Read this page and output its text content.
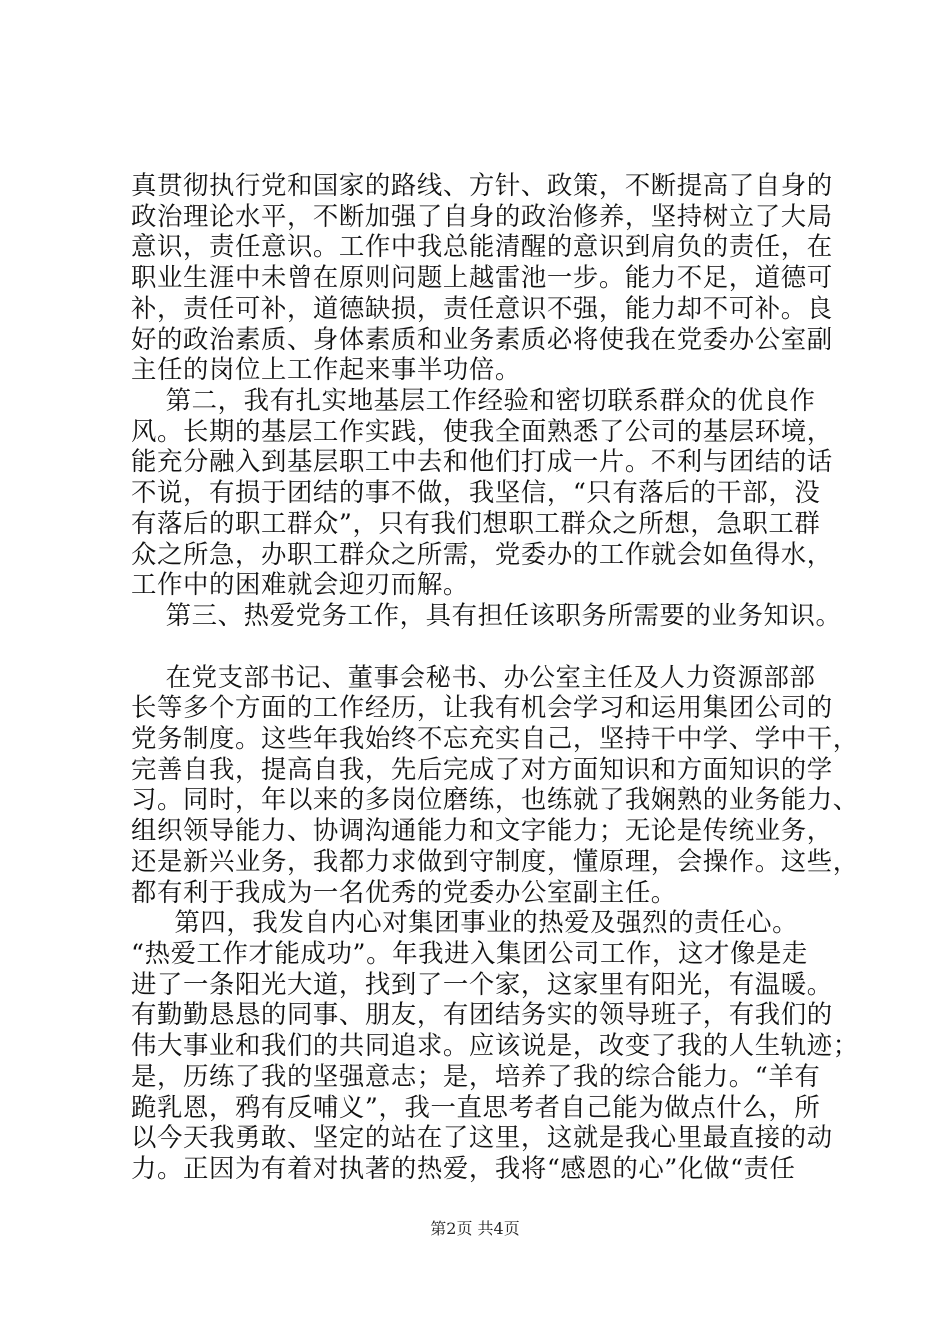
真贯彻执行党和国家的路线、方针、政策，不断提高了自身的
政治理论水平，不断加强了自身的政治修养，坚持树立了大局
意识，责任意识。工作中我总能清醒的意识到肩负的责任，在
职业生涯中未曾在原则问题上越雷池一步。能力不足，道德可
补，责任可补，道德缺损，责任意识不强，能力却不可补。良
好的政治素质、身体素质和业务素质必将使我在党委办公室副
主任的岗位上工作起来事半功倍。
第二，我有扎实地基层工作经验和密切联系群众的优良作
风。长期的基层工作实践，使我全面熟悉了公司的基层环境，
能充分融入到基层职工中去和他们打成一片。不利与团结的话
不说，有损于团结的事不做，我坚信，“只有落后的干部，没
有落后的职工群众”，只有我们想职工群众之所想，急职工群
众之所急，办职工群众之所需，党委办的工作就会如鱼得水，
工作中的困难就会迎刃而解。
第三、热爱党务工作，具有担任该职务所需要的业务知识。
在党支部书记、董事会秘书、办公室主任及人力资源部部
长等多个方面的工作经历，让我有机会学习和运用集团公司的
党务制度。这些年我始终不忘充实自己，坚持干中学、学中干，
完善自我，提高自我，先后完成了对方面知识和方面知识的学
习。同时，年以来的多岗位磨练，也练就了我娴熟的业务能力、
组织领导能力、协调沟通能力和文字能力；无论是传统业务，
还是新兴业务，我都力求做到守制度，懂原理，会操作。这些，
都有利于我成为一名优秀的党委办公室副主任。
第四，我发自内心对集团事业的热爱及强烈的责任心。
“热爱工作才能成功”。年我进入集团公司工作，这才像是走
进了一条阳光大道，找到了一个家，这家里有阳光，有温暖。
有勤勤恳恳的同事、朋友，有团结务实的领导班子，有我们的
伟大事业和我们的共同追求。应该说是，改变了我的人生轨迹；
是，历练了我的坚强意志；是，培养了我的综合能力。“羊有
跪乳恩，鸦有反哺义”，我一直思考者自己能为做点什么，所
以今天我勇敢、坚定的站在了这里，这就是我心里最直接的动
力。正因为有着对执著的热爱，我将“感恩的心”化做“责任
第2页 共4页
